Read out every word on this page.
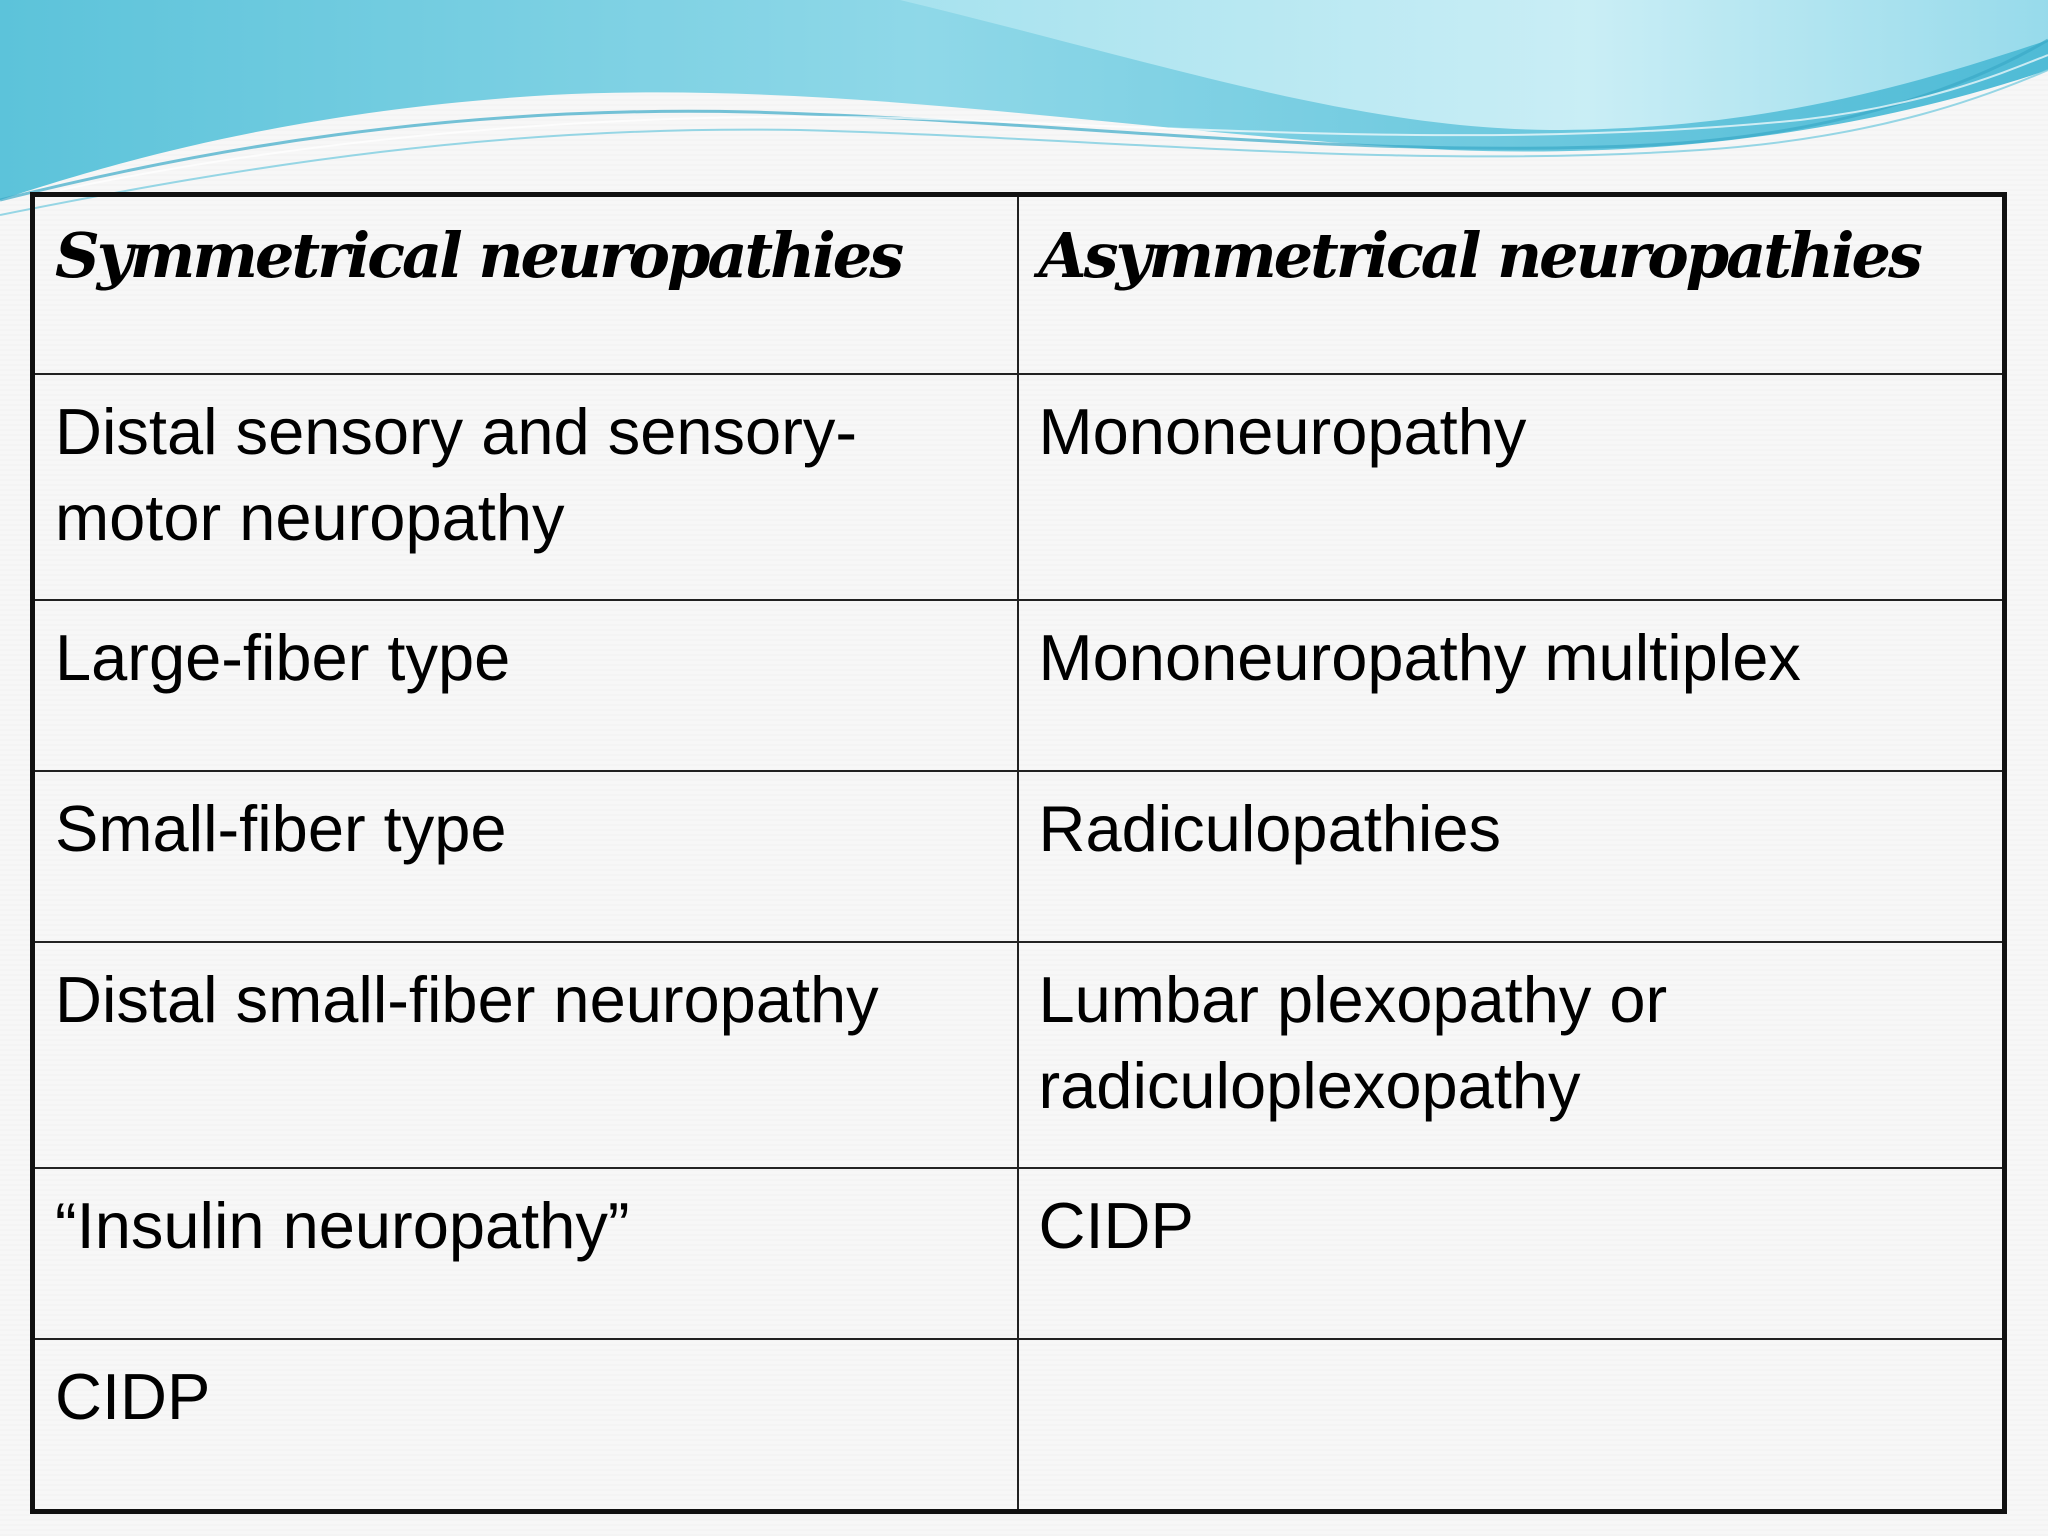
Symmetrical neuropathies	Asymmetrical neuropathies
Distal sensory and sensory-motor neuropathy	Mononeuropathy
Large-fiber type	Mononeuropathy multiplex
Small-fiber type	Radiculopathies
Distal small-fiber neuropathy	Lumbar plexopathy or radiculoplexopathy
“Insulin neuropathy”	CIDP
CIDP	
